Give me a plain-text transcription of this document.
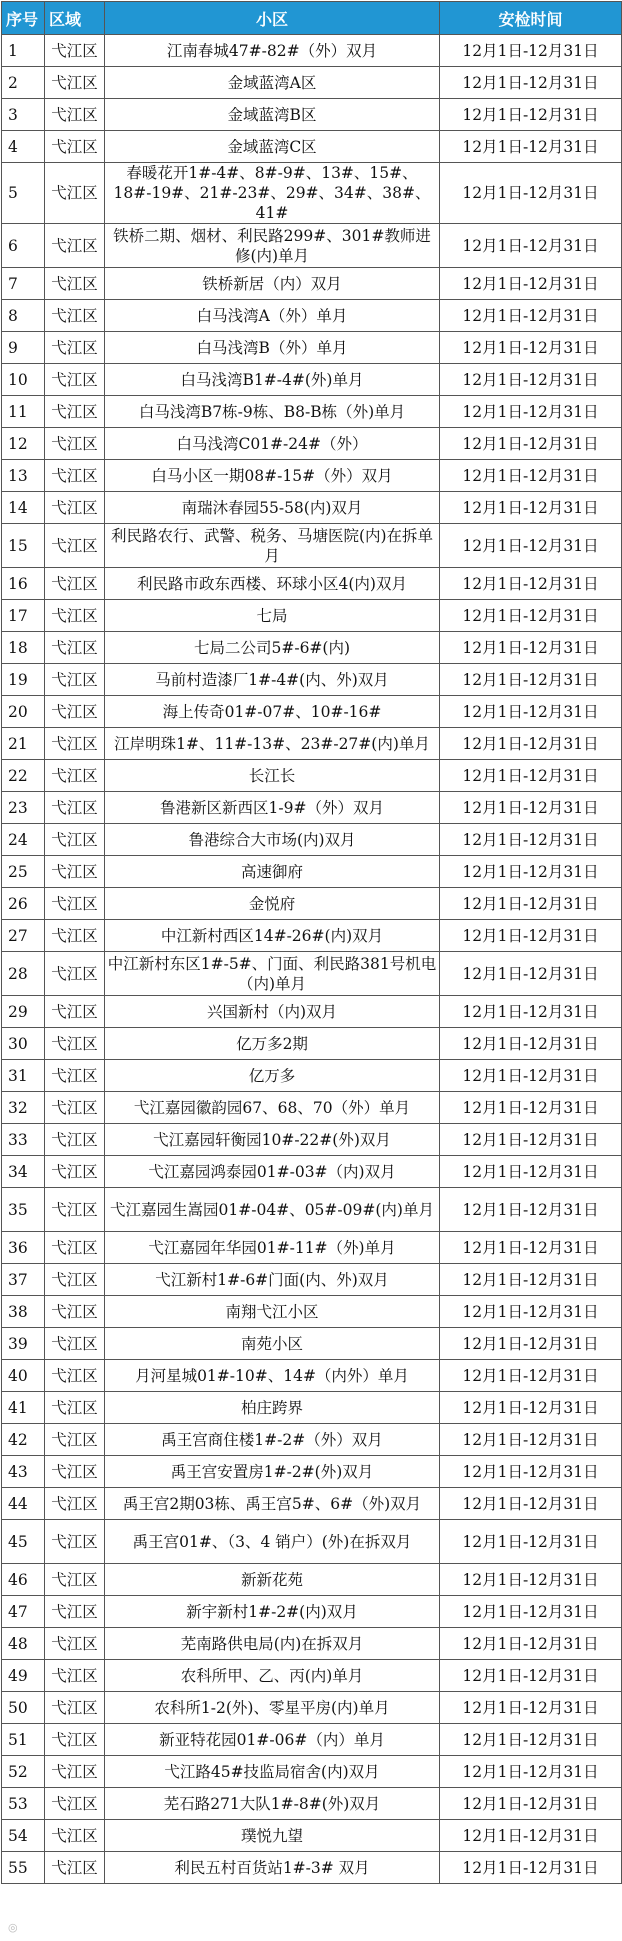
序号	区域	小区	安检时间
1	弋江区	江南春城47#-82#（外）双月	12月1日-12月31日
2	弋江区	金域蓝湾A区	12月1日-12月31日
3	弋江区	金域蓝湾B区	12月1日-12月31日
4	弋江区	金域蓝湾C区	12月1日-12月31日
5	弋江区	春暖花开1#-4#、8#-9#、13#、15#、18#-19#、21#-23#、29#、34#、38#、41#	12月1日-12月31日
6	弋江区	铁桥二期、烟材、利民路299#、301#教师进修(内)单月	12月1日-12月31日
7	弋江区	铁桥新居（内）双月	12月1日-12月31日
8	弋江区	白马浅湾A（外）单月	12月1日-12月31日
9	弋江区	白马浅湾B（外）单月	12月1日-12月31日
10	弋江区	白马浅湾B1#-4#(外)单月	12月1日-12月31日
11	弋江区	白马浅湾B7栋-9栋、B8-B栋（外)单月	12月1日-12月31日
12	弋江区	白马浅湾C01#-24#（外）	12月1日-12月31日
13	弋江区	白马小区一期08#-15#（外）双月	12月1日-12月31日
14	弋江区	南瑞沐春园55-58(内)双月	12月1日-12月31日
15	弋江区	利民路农行、武警、税务、马塘医院(内)在拆单月	12月1日-12月31日
16	弋江区	利民路市政东西楼、环球小区4(内)双月	12月1日-12月31日
17	弋江区	七局	12月1日-12月31日
18	弋江区	七局二公司5#-6#(内)	12月1日-12月31日
19	弋江区	马前村造漆厂1#-4#(内、外)双月	12月1日-12月31日
20	弋江区	海上传奇01#-07#、10#-16#	12月1日-12月31日
21	弋江区	江岸明珠1#、11#-13#、23#-27#(内)单月	12月1日-12月31日
22	弋江区	长江长	12月1日-12月31日
23	弋江区	鲁港新区新西区1-9#（外）双月	12月1日-12月31日
24	弋江区	鲁港综合大市场(内)双月	12月1日-12月31日
25	弋江区	高速御府	12月1日-12月31日
26	弋江区	金悦府	12月1日-12月31日
27	弋江区	中江新村西区14#-26#(内)双月	12月1日-12月31日
28	弋江区	中江新村东区1#-5#、门面、利民路381号机电（内)单月	12月1日-12月31日
29	弋江区	兴国新村（内)双月	12月1日-12月31日
30	弋江区	亿万多2期	12月1日-12月31日
31	弋江区	亿万多	12月1日-12月31日
32	弋江区	弋江嘉园徽韵园67、68、70（外）单月	12月1日-12月31日
33	弋江区	弋江嘉园轩衡园10#-22#(外)双月	12月1日-12月31日
34	弋江区	弋江嘉园鸿泰园01#-03#（内)双月	12月1日-12月31日
35	弋江区	弋江嘉园生嵩园01#-04#、05#-09#(内)单月	12月1日-12月31日
36	弋江区	弋江嘉园年华园01#-11#（外)单月	12月1日-12月31日
37	弋江区	弋江新村1#-6#门面(内、外)双月	12月1日-12月31日
38	弋江区	南翔弋江小区	12月1日-12月31日
39	弋江区	南苑小区	12月1日-12月31日
40	弋江区	月河星城01#-10#、14#（内外）单月	12月1日-12月31日
41	弋江区	柏庄跨界	12月1日-12月31日
42	弋江区	禹王宫商住楼1#-2#（外）双月	12月1日-12月31日
43	弋江区	禹王宫安置房1#-2#(外)双月	12月1日-12月31日
44	弋江区	禹王宫2期03栋、禹王宫5#、6#（外)双月	12月1日-12月31日
45	弋江区	禹王宫01#、（3、4 销户）(外)在拆双月	12月1日-12月31日
46	弋江区	新新花苑	12月1日-12月31日
47	弋江区	新宇新村1#-2#(内)双月	12月1日-12月31日
48	弋江区	芜南路供电局(内)在拆双月	12月1日-12月31日
49	弋江区	农科所甲、乙、丙(内)单月	12月1日-12月31日
50	弋江区	农科所1-2(外)、零星平房(内)单月	12月1日-12月31日
51	弋江区	新亚特花园01#-06#（内）单月	12月1日-12月31日
52	弋江区	弋江路45#技监局宿舍(内)双月	12月1日-12月31日
53	弋江区	芜石路271大队1#-8#(外)双月	12月1日-12月31日
54	弋江区	璞悦九望	12月1日-12月31日
55	弋江区	利民五村百货站1#-3# 双月	12月1日-12月31日
◎
